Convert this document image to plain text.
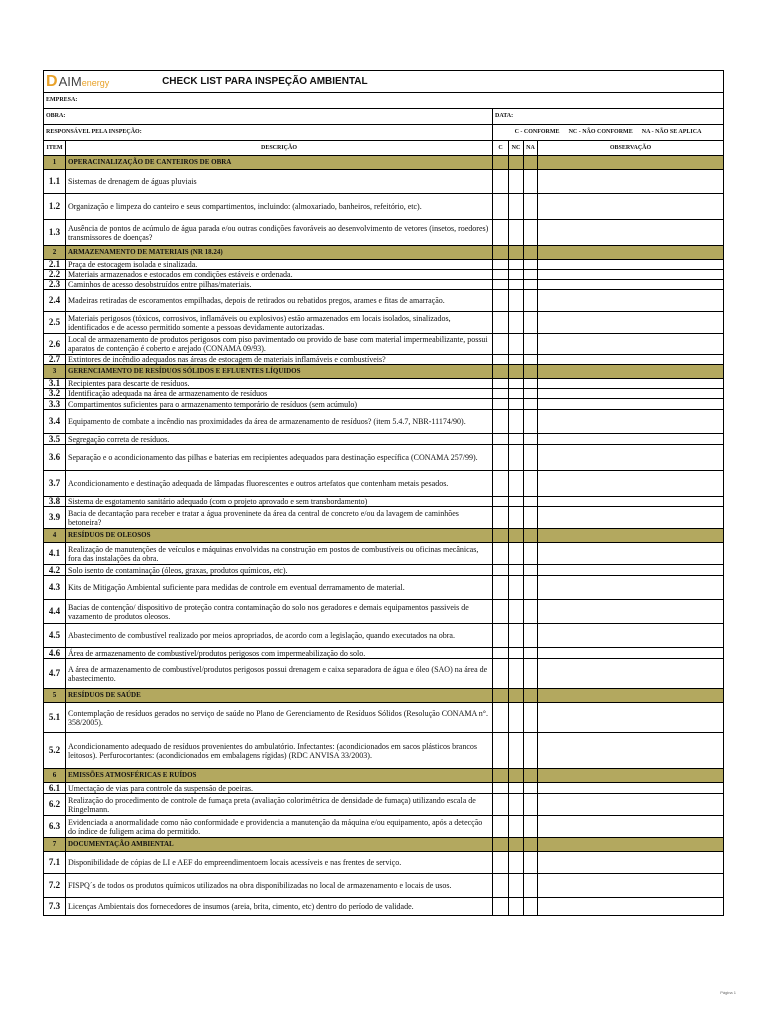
D AIM energy CHECK LIST PARA INSPEÇÃO AMBIENTAL					

EMPRESA:					
OBRA:		DATA:			
RESPONSÁVEL PELA INSPEÇÃO:		C - CONFORME NC - NÃO CONFORME NA - NÃO SE APLICA			
ITEM	DESCRIÇÃO	C	NC	NA	OBSERVAÇÃO
1	OPERACINALIZAÇÃO DE CANTEIROS DE OBRA				
1.1	Sistemas de drenagem de águas pluviais				
1.2	Organização e limpeza do canteiro e seus compartimentos, incluindo: (almoxariado, banheiros, refeitório, etc).				
1.3	Ausência de pontos de acúmulo de água parada e/ou outras condições favoráveis ao desenvolvimento de vetores (insetos, roedores) transmissores de doenças?				
2	ARMAZENAMENTO DE MATERIAIS (NR 18.24)				
2.1	Praça de estocagem isolada e sinalizada.				
2.2	Materiais armazenados e estocados em condições estáveis e ordenada.				
2.3	Caminhos de acesso desobstruídos entre pilhas/materiais.				
2.4	Madeiras retiradas de escoramentos empilhadas, depois de retirados ou rebatidos pregos, arames e fitas de amarração.				
2.5	Materiais perigosos (tóxicos, corrosivos, inflamáveis ou explosivos) estão armazenados em locais isolados, sinalizados, identificados e de acesso permitido somente a pessoas devidamente autorizadas.				
2.6	Local de armazenamento de produtos perigosos com piso pavimentado ou provido de base com material impermeabilizante, possui aparatos de contenção é coberto e arejado (CONAMA 09/93).				
2.7	Extintores de incêndio adequados nas áreas de estocagem de materiais inflamáveis e combustíveis?				
3	GERENCIAMENTO DE RESÍDUOS SÓLIDOS E EFLUENTES LÍQUIDOS				
3.1	Recipientes para descarte de resíduos.				
3.2	Identificação adequada na área de armazenamento de resíduos				
3.3	Compartimentos suficientes para o armazenamento temporário de resíduos (sem acúmulo)				
3.4	Equipamento de combate a incêndio nas proximidades da área de armazenamento de resíduos? (item 5.4.7, NBR-11174/90).				
3.5	Segregação correta de resíduos.				
3.6	Separação e o acondicionamento das pilhas e baterias em recipientes adequados para destinação específica (CONAMA 257/99).				
3.7	Acondicionamento e destinação adequada de lâmpadas fluorescentes e outros artefatos que contenham metais pesados.				
3.8	Sistema de esgotamento sanitário adequado (com o projeto aprovado e sem transbordamento)				
3.9	Bacia de decantação para receber e tratar a água proveninete da área da central de concreto e/ou da lavagem de caminhões betoneira?				
4	RESÍDUOS DE OLEOSOS				
4.1	Realização de manutenções de veículos e máquinas envolvidas na construção em postos de combustíveis ou oficinas mecânicas, fora das instalações da obra.				
4.2	Solo isento de contaminação (óleos, graxas, produtos químicos, etc).				
4.3	Kits de Mitigação Ambiental suficiente para medidas de controle em eventual derramamento de material.				
4.4	Bacias de contenção/ dispositivo de proteção contra contaminação do solo nos geradores e demais equipamentos passiveis de vazamento de produtos oleosos.				
4.5	Abastecimento de combustível realizado por meios apropriados, de acordo com a legislação, quando executados na obra.				
4.6	Área de armazenamento de combustível/produtos perigosos com impermeabilização do solo.				
4.7	A área de armazenamento de combustível/produtos perigosos possui drenagem e caixa separadora de água e óleo (SAO) na área de abastecimento.				
5	RESÍDUOS DE SAÚDE				
5.1	Contemplação de resíduos gerados no serviço de saúde no Plano de Gerenciamento de Resíduos Sólidos (Resolução CONAMA n°. 358/2005).				
5.2	Acondicionamento adequado de resíduos provenientes do ambulatório. Infectantes: (acondicionados em sacos plásticos brancos leitosos). Perfurocortantes: (acondicionados em embalagens rígidas) (RDC ANVISA 33/2003).				
6	EMISSÕES ATMOSFÉRICAS E RUÍDOS				
6.1	Umectação de vias para controle da suspensão de poeiras.				
6.2	Realização do procedimento de controle de fumaça preta (avaliação colorimétrica de densidade de fumaça) utilizando escala de Ringelmann.				
6.3	Evidenciada a anormalidade como não conformidade e providencia a manutenção da máquina e/ou equipamento, após a detecção do índice de fuligem acima do permitido.				
7	DOCUMENTAÇÃO AMBIENTAL				
7.1	Disponibilidade de cópias de LI e AEF do empreendimentoem locais acessíveis e nas frentes de serviço.				
7.2	FISPQ´s de todos os produtos químicos utilizados na obra disponibilizadas no local de armazenamento e locais de usos.				
7.3	Licenças Ambientais dos fornecedores de insumos (areia, brita, cimento, etc) dentro do período de validade.				
Página 1
